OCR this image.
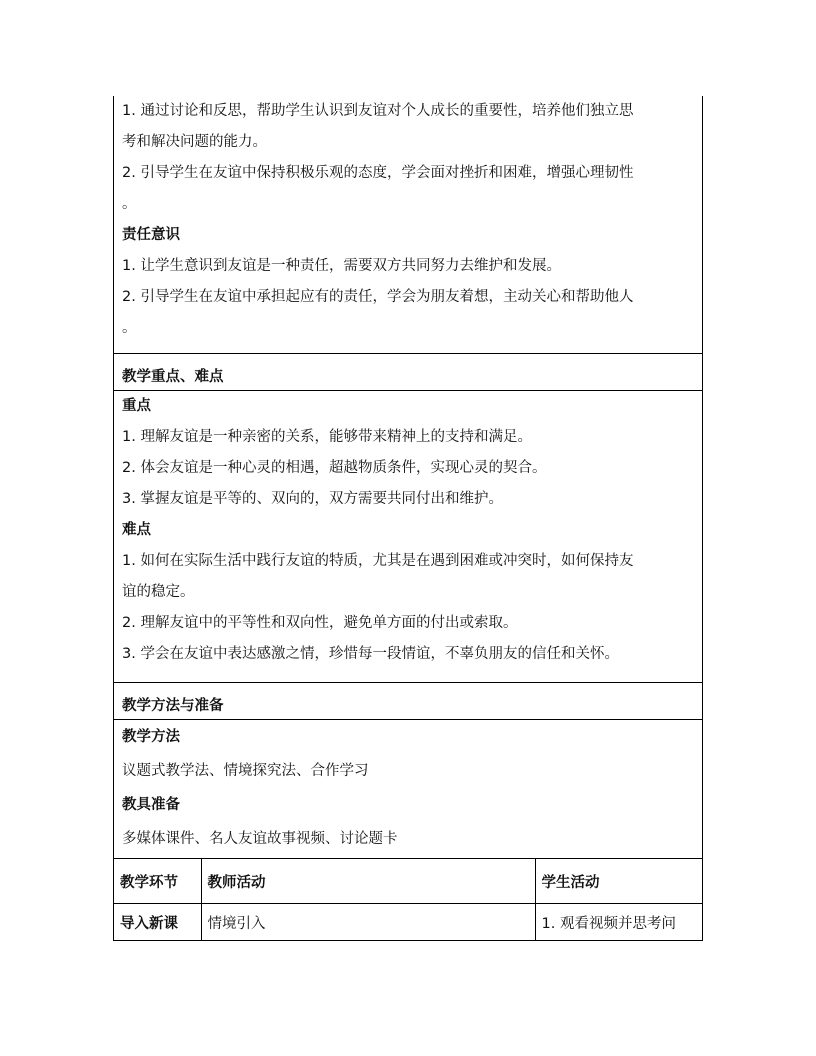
1. 通过讨论和反思，帮助学生认识到友谊对个人成长的重要性，培养他们独立思
考和解决问题的能力。
2. 引导学生在友谊中保持积极乐观的态度，学会面对挫折和困难，增强心理韧性
。
责任意识
1. 让学生意识到友谊是一种责任，需要双方共同努力去维护和发展。
2. 引导学生在友谊中承担起应有的责任，学会为朋友着想，主动关心和帮助他人
。
教学重点、难点
重点
1. 理解友谊是一种亲密的关系，能够带来精神上的支持和满足。
2. 体会友谊是一种心灵的相遇，超越物质条件，实现心灵的契合。
3. 掌握友谊是平等的、双向的，双方需要共同付出和维护。
难点
1. 如何在实际生活中践行友谊的特质，尤其是在遇到困难或冲突时，如何保持友
谊的稳定。
2. 理解友谊中的平等性和双向性，避免单方面的付出或索取。
3. 学会在友谊中表达感激之情，珍惜每一段情谊，不辜负朋友的信任和关怀。
教学方法与准备
教学方法
议题式教学法、情境探究法、合作学习
教具准备
多媒体课件、名人友谊故事视频、讨论题卡
教学环节	教师活动	学生活动
导入新课	情境引入	1. 观看视频并思考问
